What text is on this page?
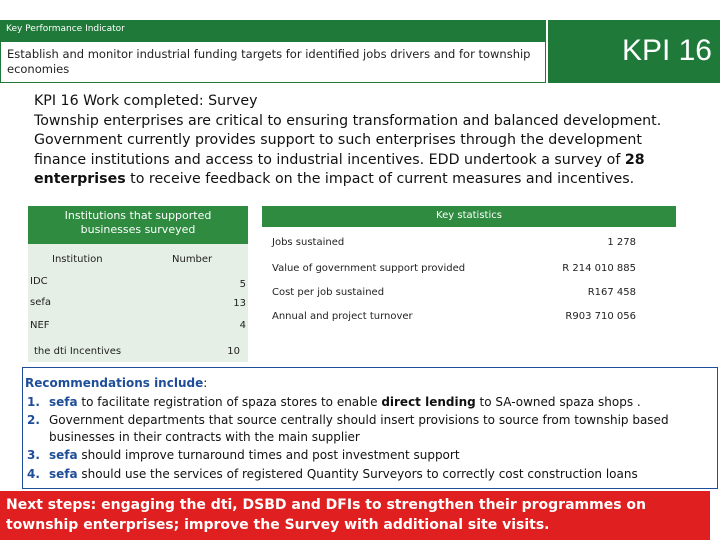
Key Performance Indicator
Establish and monitor industrial funding targets for identified jobs drivers and for township economies
KPI 16
KPI 16 Work completed: Survey
Township enterprises are critical to ensuring transformation and balanced development.
Government currently provides support to such enterprises through the development
finance institutions and access to industrial incentives. EDD undertook a survey of 28
enterprises to receive feedback on the impact of current measures and incentives.
Institutions that supported
businesses surveyed
Institution	Number
IDC	5
sefa	13
NEF	4
the dti Incentives	10
Key statistics
Jobs sustained	1 278
Value of government support provided	R 214 010 885
Cost per job sustained	R167 458
Annual and project turnover	R903 710 056
Recommendations include:
1. sefa to facilitate registration of spaza stores to enable direct lending to SA-owned spaza shops .
2. Government departments that source centrally should insert provisions to source from township based businesses in their contracts with the main supplier
3. sefa should improve turnaround times and post investment support
4. sefa should use the services of registered Quantity Surveyors to correctly cost construction loans
Next steps: engaging the dti, DSBD and DFIs to strengthen their programmes on township enterprises; improve the Survey with additional site visits.
